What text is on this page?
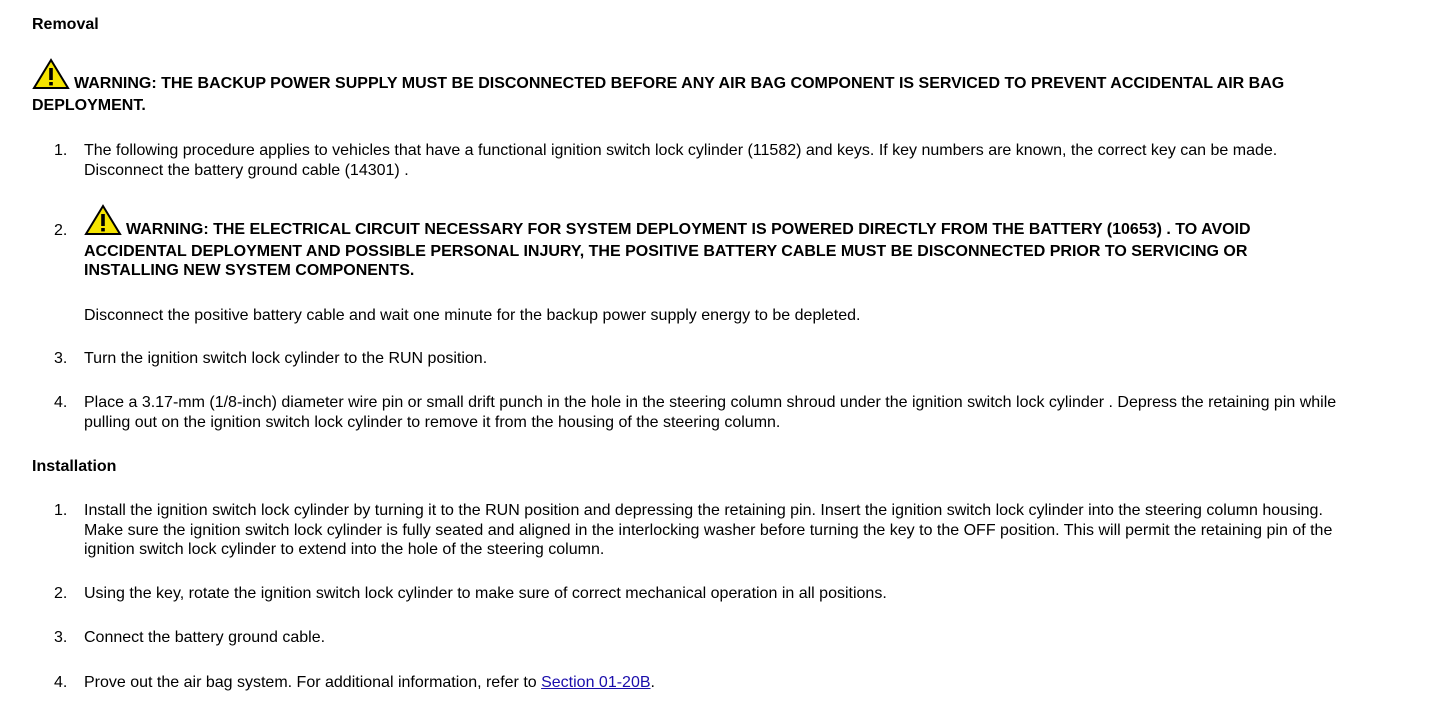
Removal
WARNING: THE BACKUP POWER SUPPLY MUST BE DISCONNECTED BEFORE ANY AIR BAG COMPONENT IS SERVICED TO PREVENT ACCIDENTAL AIR BAG DEPLOYMENT.
1. The following procedure applies to vehicles that have a functional ignition switch lock cylinder (11582) and keys. If key numbers are known, the correct key can be made. Disconnect the battery ground cable (14301) .
2.	WARNING: THE ELECTRICAL CIRCUIT NECESSARY FOR SYSTEM DEPLOYMENT IS POWERED DIRECTLY FROM THE BATTERY (10653) . TO AVOID ACCIDENTAL DEPLOYMENT AND POSSIBLE PERSONAL INJURY, THE POSITIVE BATTERY CABLE MUST BE DISCONNECTED PRIOR TO SERVICING OR INSTALLING NEW SYSTEM COMPONENTS.
Disconnect the positive battery cable and wait one minute for the backup power supply energy to be depleted.
3. Turn the ignition switch lock cylinder to the RUN position.
4. Place a 3.17-mm (1/8-inch) diameter wire pin or small drift punch in the hole in the steering column shroud under the ignition switch lock cylinder . Depress the retaining pin while pulling out on the ignition switch lock cylinder to remove it from the housing of the steering column.
Installation
1. Install the ignition switch lock cylinder by turning it to the RUN position and depressing the retaining pin. Insert the ignition switch lock cylinder into the steering column housing. Make sure the ignition switch lock cylinder is fully seated and aligned in the interlocking washer before turning the key to the OFF position. This will permit the retaining pin of the ignition switch lock cylinder to extend into the hole of the steering column.
2. Using the key, rotate the ignition switch lock cylinder to make sure of correct mechanical operation in all positions.
3. Connect the battery ground cable.
4. Prove out the air bag system. For additional information, refer to Section 01-20B.
